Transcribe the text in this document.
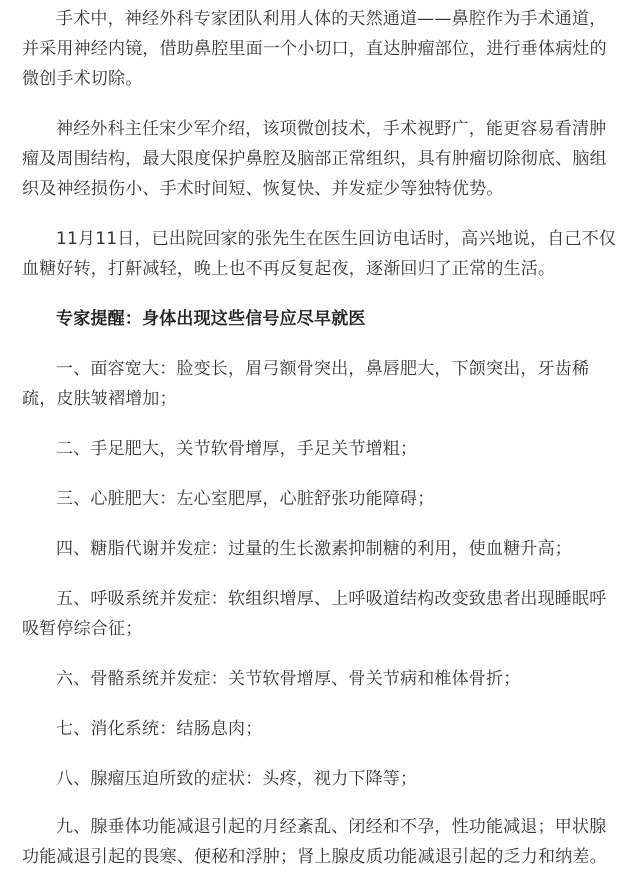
手术中，神经外科专家团队利用人体的天然通道——鼻腔作为手术通道，并采用神经内镜，借助鼻腔里面一个小切口，直达肿瘤部位，进行垂体病灶的微创手术切除。

神经外科主任宋少军介绍，该项微创技术，手术视野广，能更容易看清肿瘤及周围结构，最大限度保护鼻腔及脑部正常组织，具有肿瘤切除彻底、脑组织及神经损伤小、手术时间短、恢复快、并发症少等独特优势。

11月11日，已出院回家的张先生在医生回访电话时，高兴地说，自己不仅血糖好转，打鼾减轻，晚上也不再反复起夜，逐渐回归了正常的生活。

专家提醒：身体出现这些信号应尽早就医

一、面容宽大：脸变长，眉弓额骨突出，鼻唇肥大，下颌突出，牙齿稀疏，皮肤皱褶增加；

二、手足肥大，关节软骨增厚，手足关节增粗；

三、心脏肥大：左心室肥厚，心脏舒张功能障碍；

四、糖脂代谢并发症：过量的生长激素抑制糖的利用，使血糖升高；

五、呼吸系统并发症：软组织增厚、上呼吸道结构改变致患者出现睡眠呼吸暂停综合征；

六、骨骼系统并发症：关节软骨增厚、骨关节病和椎体骨折；

七、消化系统：结肠息肉；

八、腺瘤压迫所致的症状：头疼，视力下降等；

九、腺垂体功能减退引起的月经紊乱、闭经和不孕，性功能减退；甲状腺功能减退引起的畏寒、便秘和浮肿；肾上腺皮质功能减退引起的乏力和纳差。
